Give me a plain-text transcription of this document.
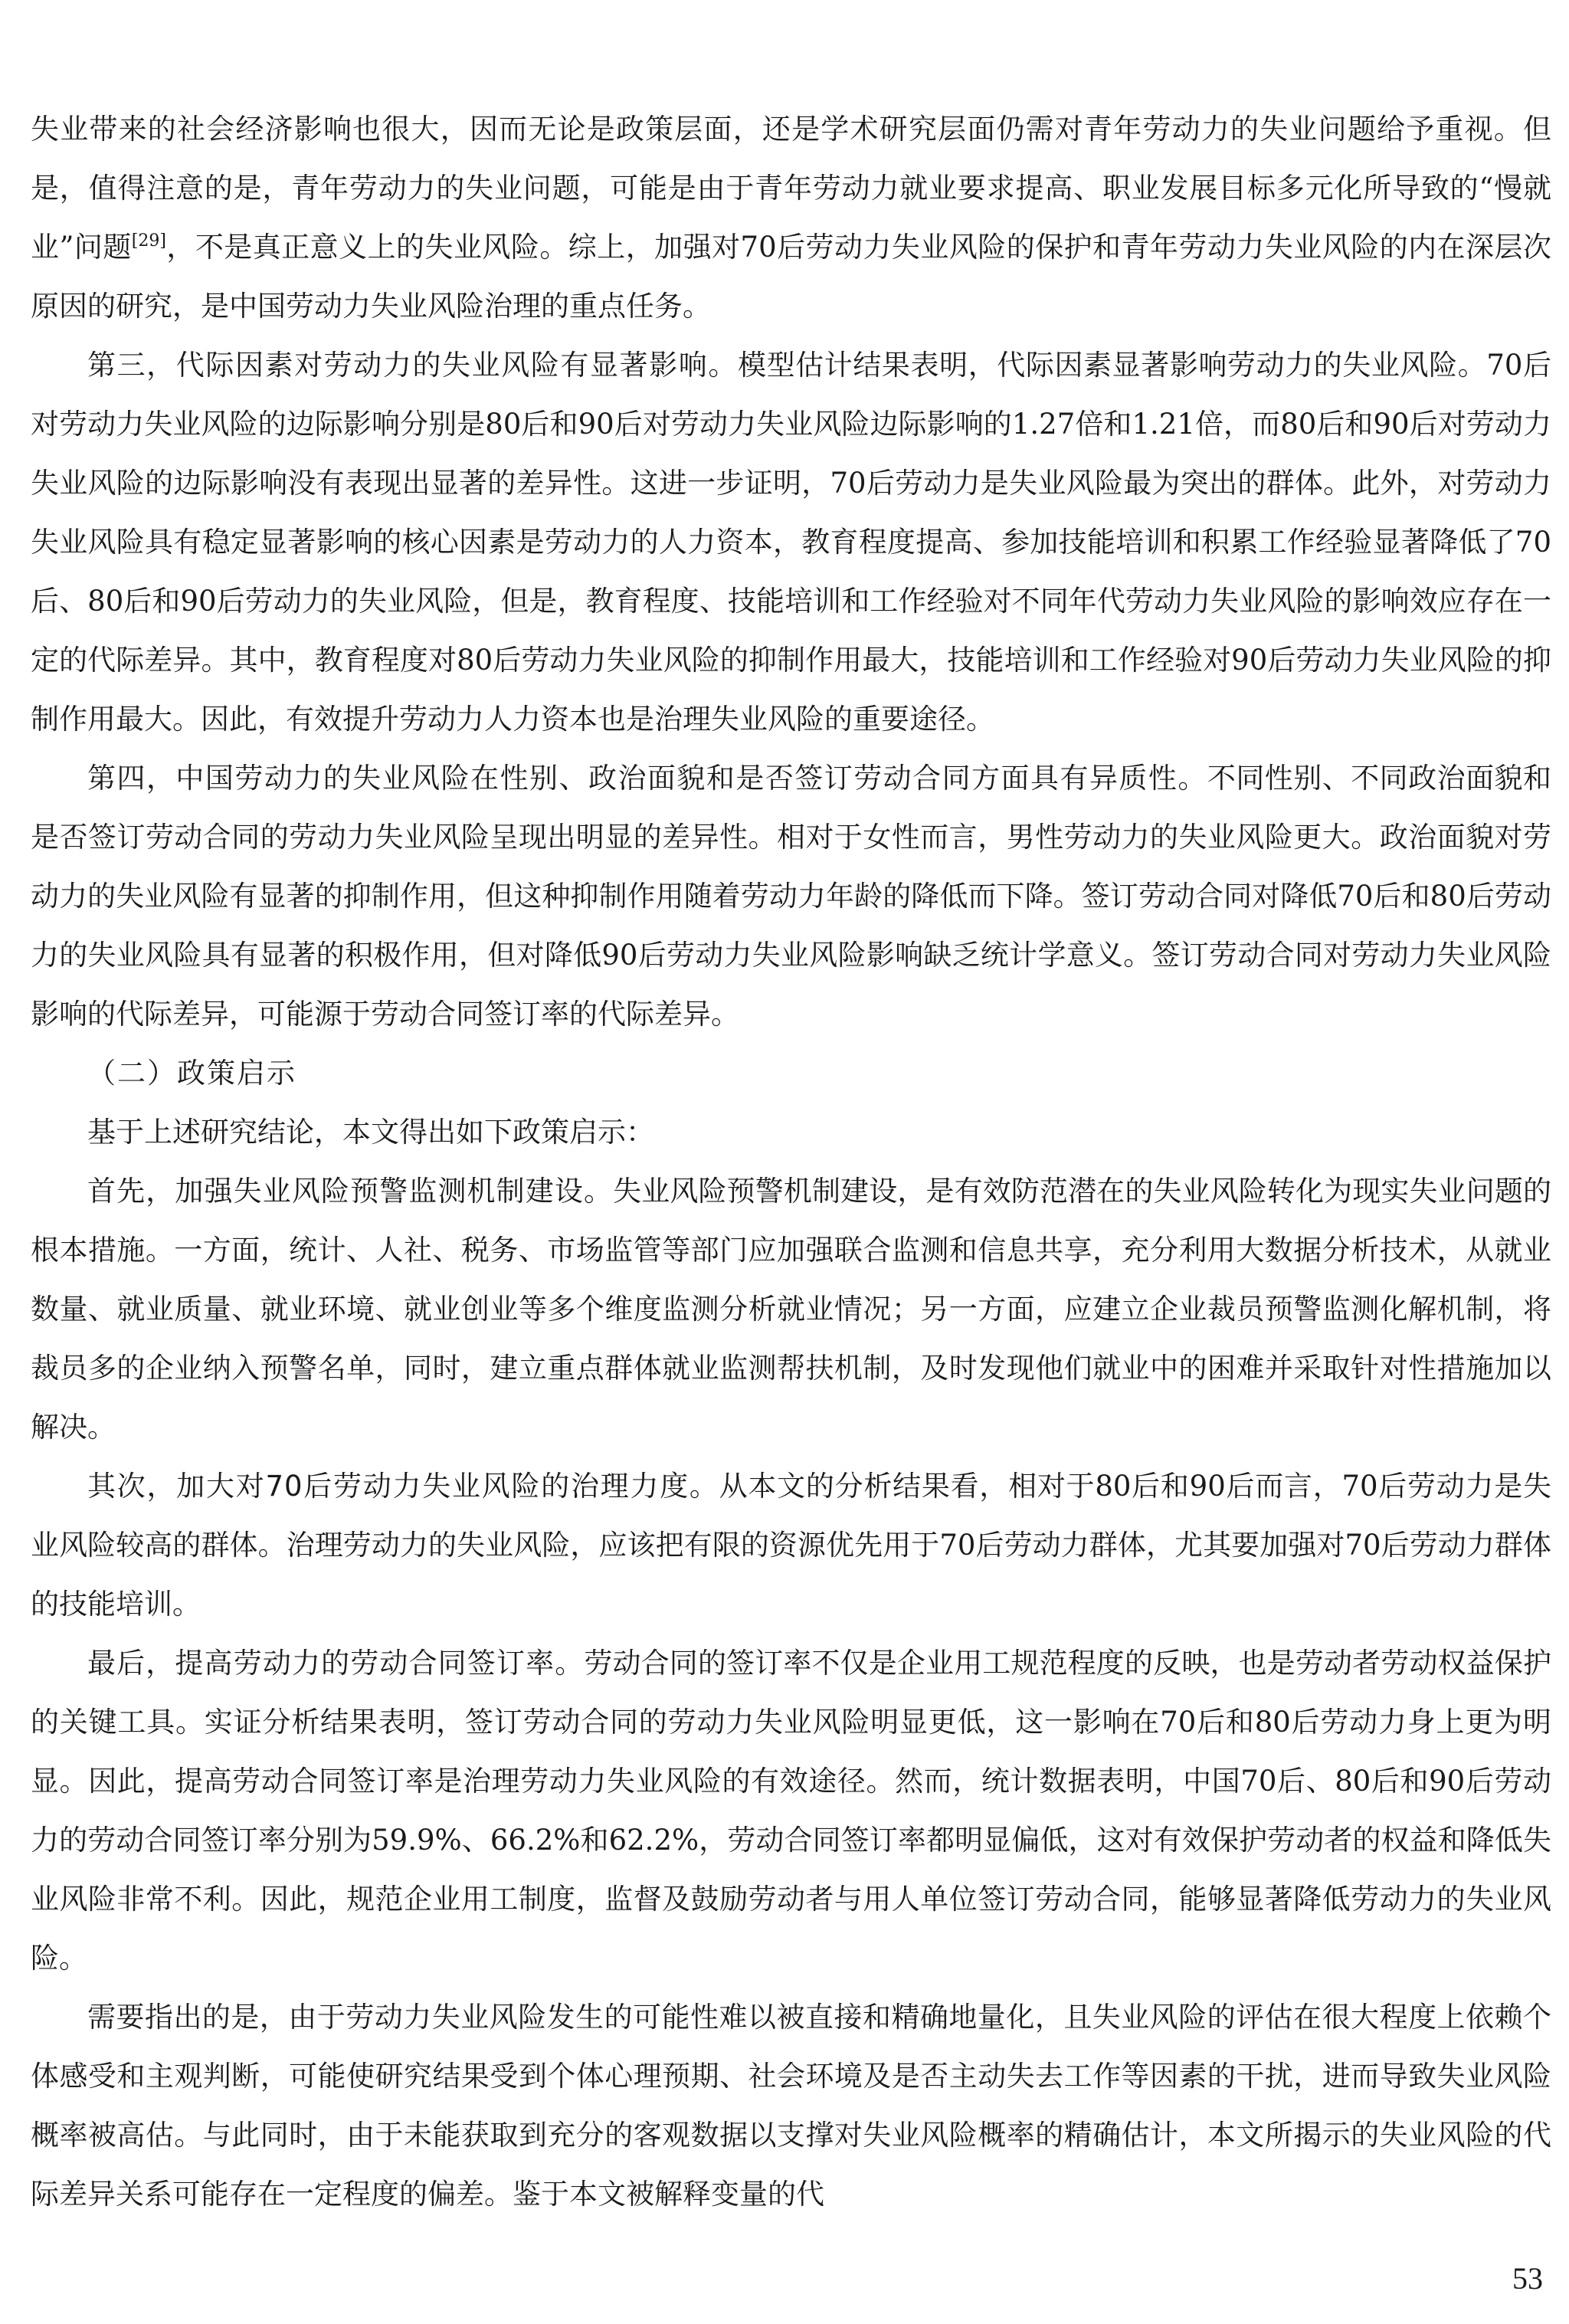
失业带来的社会经济影响也很大，因而无论是政策层面，还是学术研究层面仍需对青年劳动力的失业问题给予重视。但是，值得注意的是，青年劳动力的失业问题，可能是由于青年劳动力就业要求提高、职业发展目标多元化所导致的“慢就业”问题[29]，不是真正意义上的失业风险。综上，加强对70后劳动力失业风险的保护和青年劳动力失业风险的内在深层次原因的研究，是中国劳动力失业风险治理的重点任务。

第三，代际因素对劳动力的失业风险有显著影响。模型估计结果表明，代际因素显著影响劳动力的失业风险。70后对劳动力失业风险的边际影响分别是80后和90后对劳动力失业风险边际影响的1.27倍和1.21倍，而80后和90后对劳动力失业风险的边际影响没有表现出显著的差异性。这进一步证明，70后劳动力是失业风险最为突出的群体。此外，对劳动力失业风险具有稳定显著影响的核心因素是劳动力的人力资本，教育程度提高、参加技能培训和积累工作经验显著降低了70后、80后和90后劳动力的失业风险，但是，教育程度、技能培训和工作经验对不同年代劳动力失业风险的影响效应存在一定的代际差异。其中，教育程度对80后劳动力失业风险的抑制作用最大，技能培训和工作经验对90后劳动力失业风险的抑制作用最大。因此，有效提升劳动力人力资本也是治理失业风险的重要途径。

第四，中国劳动力的失业风险在性别、政治面貌和是否签订劳动合同方面具有异质性。不同性别、不同政治面貌和是否签订劳动合同的劳动力失业风险呈现出明显的差异性。相对于女性而言，男性劳动力的失业风险更大。政治面貌对劳动力的失业风险有显著的抑制作用，但这种抑制作用随着劳动力年龄的降低而下降。签订劳动合同对降低70后和80后劳动力的失业风险具有显著的积极作用，但对降低90后劳动力失业风险影响缺乏统计学意义。签订劳动合同对劳动力失业风险影响的代际差异，可能源于劳动合同签订率的代际差异。

（二）政策启示

基于上述研究结论，本文得出如下政策启示：

首先，加强失业风险预警监测机制建设。失业风险预警机制建设，是有效防范潜在的失业风险转化为现实失业问题的根本措施。一方面，统计、人社、税务、市场监管等部门应加强联合监测和信息共享，充分利用大数据分析技术，从就业数量、就业质量、就业环境、就业创业等多个维度监测分析就业情况；另一方面，应建立企业裁员预警监测化解机制，将裁员多的企业纳入预警名单，同时，建立重点群体就业监测帮扶机制，及时发现他们就业中的困难并采取针对性措施加以解决。

其次，加大对70后劳动力失业风险的治理力度。从本文的分析结果看，相对于80后和90后而言，70后劳动力是失业风险较高的群体。治理劳动力的失业风险，应该把有限的资源优先用于70后劳动力群体，尤其要加强对70后劳动力群体的技能培训。

最后，提高劳动力的劳动合同签订率。劳动合同的签订率不仅是企业用工规范程度的反映，也是劳动者劳动权益保护的关键工具。实证分析结果表明，签订劳动合同的劳动力失业风险明显更低，这一影响在70后和80后劳动力身上更为明显。因此，提高劳动合同签订率是治理劳动力失业风险的有效途径。然而，统计数据表明，中国70后、80后和90后劳动力的劳动合同签订率分别为59.9%、66.2%和62.2%，劳动合同签订率都明显偏低，这对有效保护劳动者的权益和降低失业风险非常不利。因此，规范企业用工制度，监督及鼓励劳动者与用人单位签订劳动合同，能够显著降低劳动力的失业风险。

需要指出的是，由于劳动力失业风险发生的可能性难以被直接和精确地量化，且失业风险的评估在很大程度上依赖个体感受和主观判断，可能使研究结果受到个体心理预期、社会环境及是否主动失去工作等因素的干扰，进而导致失业风险概率被高估。与此同时，由于未能获取到充分的客观数据以支撑对失业风险概率的精确估计，本文所揭示的失业风险的代际差异关系可能存在一定程度的偏差。鉴于本文被解释变量的代

53
